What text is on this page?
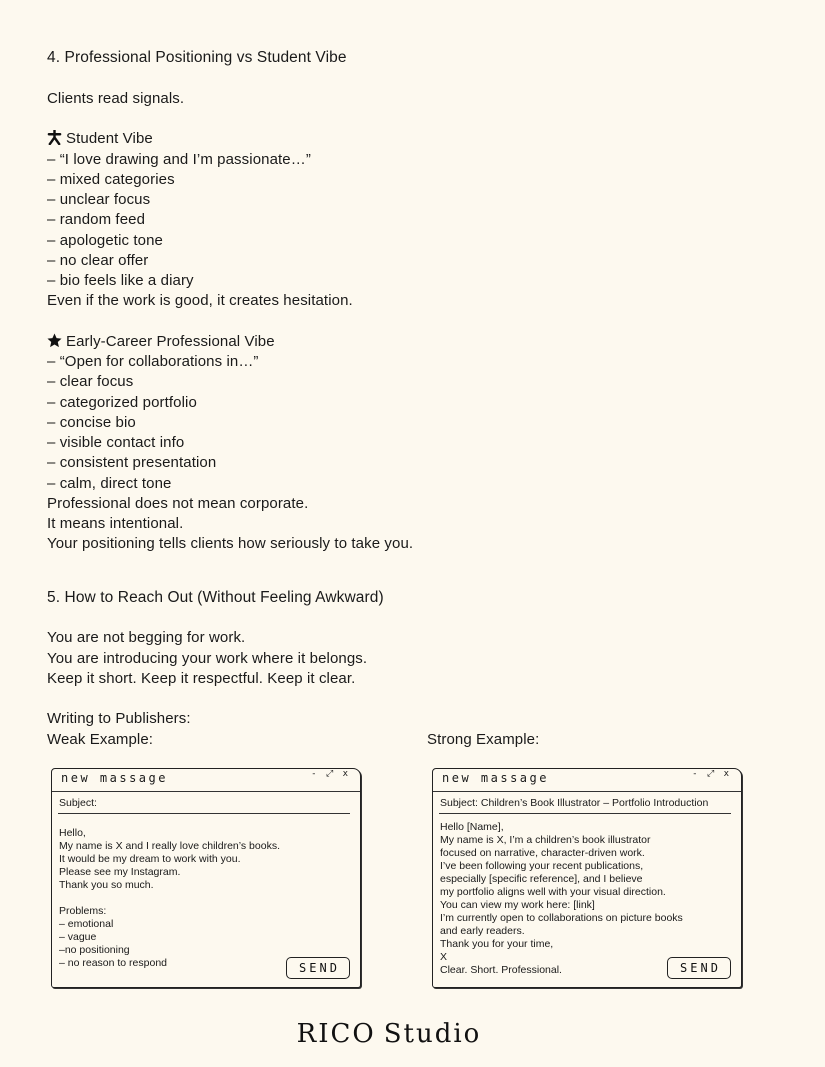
4. Professional Positioning vs Student Vibe
Clients read signals.
Student Vibe
– “I love drawing and I’m passionate…”
– mixed categories
– unclear focus
– random feed
– apologetic tone
– no clear offer
– bio feels like a diary
Even if the work is good, it creates hesitation.
Early-Career Professional Vibe
– “Open for collaborations in…”
– clear focus
– categorized portfolio
– concise bio
– visible contact info
– consistent presentation
– calm, direct tone
Professional does not mean corporate.
It means intentional.
Your positioning tells clients how seriously to take you.
5. How to Reach Out (Without Feeling Awkward)
You are not begging for work.
You are introducing your work where it belongs.
Keep it short. Keep it respectful. Keep it clear.
Writing to Publishers:
Weak Example:	Strong Example:
new massage	- ⤢ x
Subject:
Hello,
My name is X and I really love children’s books.
It would be my dream to work with you.
Please see my Instagram.
Thank you so much.
Problems:
– emotional
– vague
–no positioning
– no reason to respond	SEND
new massage	- ⤢ x
Subject: Children’s Book Illustrator – Portfolio Introduction
Hello [Name],
My name is X, I’m a children’s book illustrator
focused on narrative, character-driven work.
I’ve been following your recent publications,
especially [specific reference], and I believe
my portfolio aligns well with your visual direction.
You can view my work here: [link]
I’m currently open to collaborations on picture books
and early readers.
Thank you for your time,
X
Clear. Short. Professional.	SEND
RICO Studio
